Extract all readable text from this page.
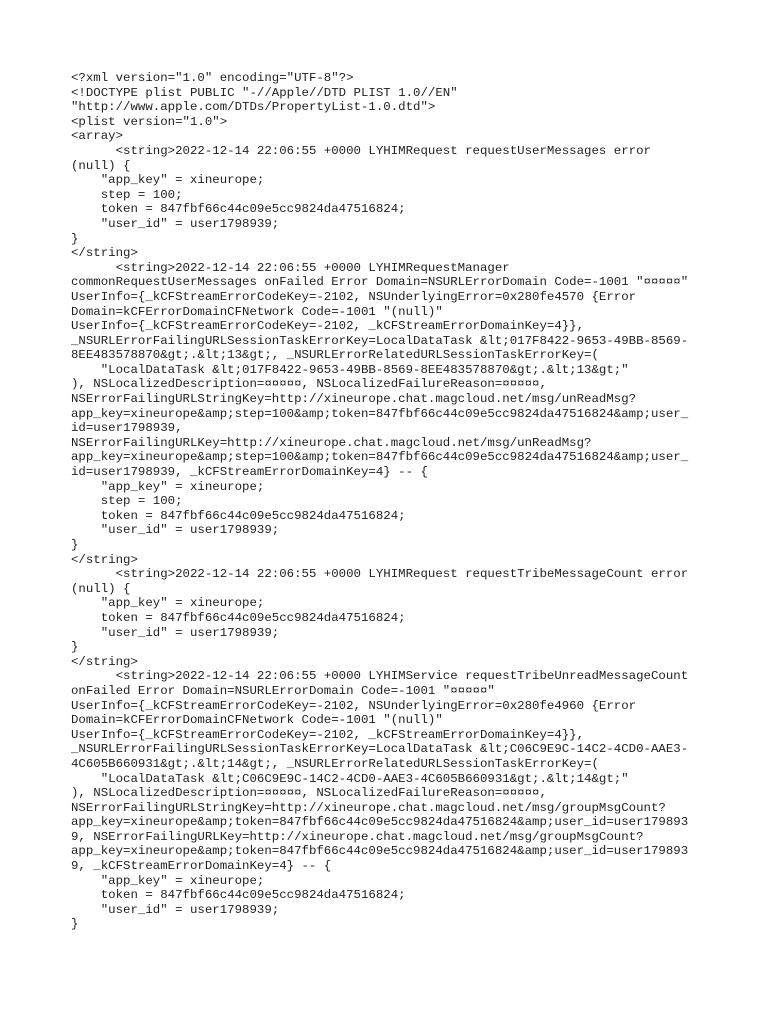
<?xml version="1.0" encoding="UTF-8"?>
<!DOCTYPE plist PUBLIC "-//Apple//DTD PLIST 1.0//EN"
"http://www.apple.com/DTDs/PropertyList-1.0.dtd">
<plist version="1.0">
<array>
<string>2022-12-14 22:06:55 +0000 LYHIMRequest requestUserMessages error
(null) {
"app_key" = xineurope;
step = 100;
token = 847fbf66c44c09e5cc9824da47516824;
"user_id" = user1798939;
}
</string>
<string>2022-12-14 22:06:55 +0000 LYHIMRequestManager
commonRequestUserMessages onFailed Error Domain=NSURLErrorDomain Code=-1001 "¤¤¤¤¤"
UserInfo={_kCFStreamErrorCodeKey=-2102, NSUnderlyingError=0x280fe4570 {Error
Domain=kCFErrorDomainCFNetwork Code=-1001 "(null)"
UserInfo={_kCFStreamErrorCodeKey=-2102, _kCFStreamErrorDomainKey=4}},
_NSURLErrorFailingURLSessionTaskErrorKey=LocalDataTask &lt;017F8422-9653-49BB-8569-
8EE483578870&gt;.&lt;13&gt;, _NSURLErrorRelatedURLSessionTaskErrorKey=(
"LocalDataTask &lt;017F8422-9653-49BB-8569-8EE483578870&gt;.&lt;13&gt;"
), NSLocalizedDescription=¤¤¤¤¤, NSLocalizedFailureReason=¤¤¤¤¤,
NSErrorFailingURLStringKey=http://xineurope.chat.magcloud.net/msg/unReadMsg?
app_key=xineurope&amp;step=100&amp;token=847fbf66c44c09e5cc9824da47516824&amp;user_
id=user1798939,
NSErrorFailingURLKey=http://xineurope.chat.magcloud.net/msg/unReadMsg?
app_key=xineurope&amp;step=100&amp;token=847fbf66c44c09e5cc9824da47516824&amp;user_
id=user1798939, _kCFStreamErrorDomainKey=4} -- {
"app_key" = xineurope;
step = 100;
token = 847fbf66c44c09e5cc9824da47516824;
"user_id" = user1798939;
}
</string>
<string>2022-12-14 22:06:55 +0000 LYHIMRequest requestTribeMessageCount error
(null) {
"app_key" = xineurope;
token = 847fbf66c44c09e5cc9824da47516824;
"user_id" = user1798939;
}
</string>
<string>2022-12-14 22:06:55 +0000 LYHIMService requestTribeUnreadMessageCount
onFailed Error Domain=NSURLErrorDomain Code=-1001 "¤¤¤¤¤"
UserInfo={_kCFStreamErrorCodeKey=-2102, NSUnderlyingError=0x280fe4960 {Error
Domain=kCFErrorDomainCFNetwork Code=-1001 "(null)"
UserInfo={_kCFStreamErrorCodeKey=-2102, _kCFStreamErrorDomainKey=4}},
_NSURLErrorFailingURLSessionTaskErrorKey=LocalDataTask &lt;C06C9E9C-14C2-4CD0-AAE3-
4C605B660931&gt;.&lt;14&gt;, _NSURLErrorRelatedURLSessionTaskErrorKey=(
"LocalDataTask &lt;C06C9E9C-14C2-4CD0-AAE3-4C605B660931&gt;.&lt;14&gt;"
), NSLocalizedDescription=¤¤¤¤¤, NSLocalizedFailureReason=¤¤¤¤¤,
NSErrorFailingURLStringKey=http://xineurope.chat.magcloud.net/msg/groupMsgCount?
app_key=xineurope&amp;token=847fbf66c44c09e5cc9824da47516824&amp;user_id=user179893
9, NSErrorFailingURLKey=http://xineurope.chat.magcloud.net/msg/groupMsgCount?
app_key=xineurope&amp;token=847fbf66c44c09e5cc9824da47516824&amp;user_id=user179893
9, _kCFStreamErrorDomainKey=4} -- {
"app_key" = xineurope;
token = 847fbf66c44c09e5cc9824da47516824;
"user_id" = user1798939;
}
